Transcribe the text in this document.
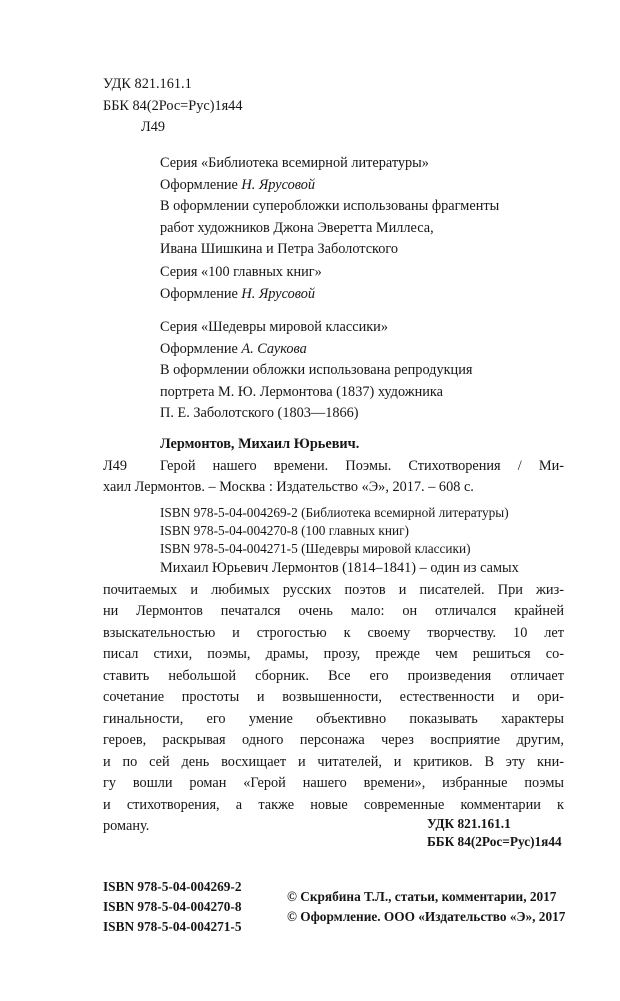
УДК 821.161.1
ББК 84(2Рос=Рус)1я44
Л49
Серия «Библиотека всемирной литературы»
Оформление Н. Ярусовой
В оформлении суперобложки использованы фрагменты
работ художников Джона Эверетта Миллеса,
Ивана Шишкина и Петра Заболотского
Серия «100 главных книг»
Оформление Н. Ярусовой
Серия «Шедевры мировой классики»
Оформление А. Саукова
В оформлении обложки использована репродукция
портрета М. Ю. Лермонтова (1837) художника
П. Е. Заболотского (1803—1866)
Лермонтов, Михаил Юрьевич.
Л49 Герой нашего времени. Поэмы. Стихотворения / Ми-
хаил Лермонтов. – Москва : Издательство «Э», 2017. – 608 с.
ISBN 978-5-04-004269-2 (Библиотека всемирной литературы)
ISBN 978-5-04-004270-8 (100 главных книг)
ISBN 978-5-04-004271-5 (Шедевры мировой классики)
Михаил Юрьевич Лермонтов (1814–1841) – один из самых
почитаемых и любимых русских поэтов и писателей. При жиз-
ни Лермонтов печатался очень мало: он отличался крайней
взыскательностью и строгостью к своему творчеству. 10 лет
писал стихи, поэмы, драмы, прозу, прежде чем решиться со-
ставить небольшой сборник. Все его произведения отличает
сочетание простоты и возвышенности, естественности и ори-
гинальности, его умение объективно показывать характеры
героев, раскрывая одного персонажа через восприятие другим,
и по сей день восхищает и читателей, и критиков. В эту кни-
гу вошли роман «Герой нашего времени», избранные поэмы
и стихотворения, а также новые современные комментарии к
роману.	УДК 821.161.1
ББК 84(2Рос=Рус)1я44
ISBN 978-5-04-004269-2
ISBN 978-5-04-004270-8
ISBN 978-5-04-004271-5
© Скрябина Т.Л., статьи, комментарии, 2017
© Оформление. ООО «Издательство «Э», 2017
